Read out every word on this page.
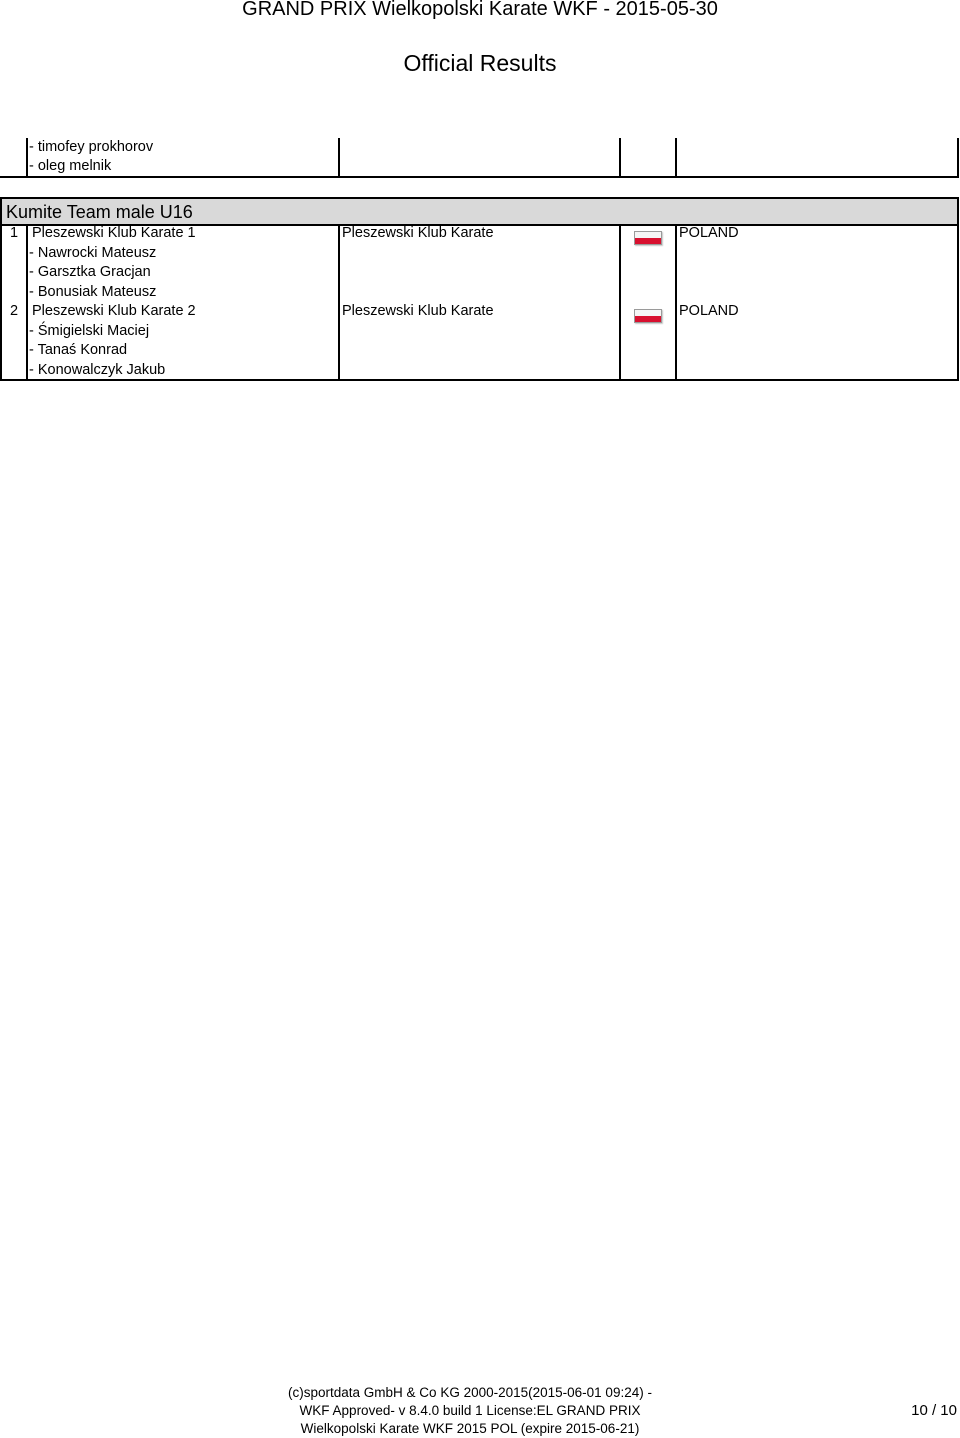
GRAND PRIX Wielkopolski Karate WKF - 2015-05-30
Official Results
- timofey prokhorov
- oleg melnik
Kumite Team male U16
1 Pleszewski Klub Karate 1
- Nawrocki Mateusz
- Garsztka Gracjan
- Bonusiak Mateusz
Pleszewski Klub Karate	POLAND
2 Pleszewski Klub Karate 2
- Śmigielski Maciej
- Tanaś Konrad
- Konowalczyk Jakub
Pleszewski Klub Karate	POLAND
(c)sportdata GmbH & Co KG 2000-2015(2015-06-01 09:24) -
WKF Approved- v 8.4.0 build 1 License:EL GRAND PRIX
Wielkopolski Karate WKF 2015 POL (expire 2015-06-21)
10 / 10
